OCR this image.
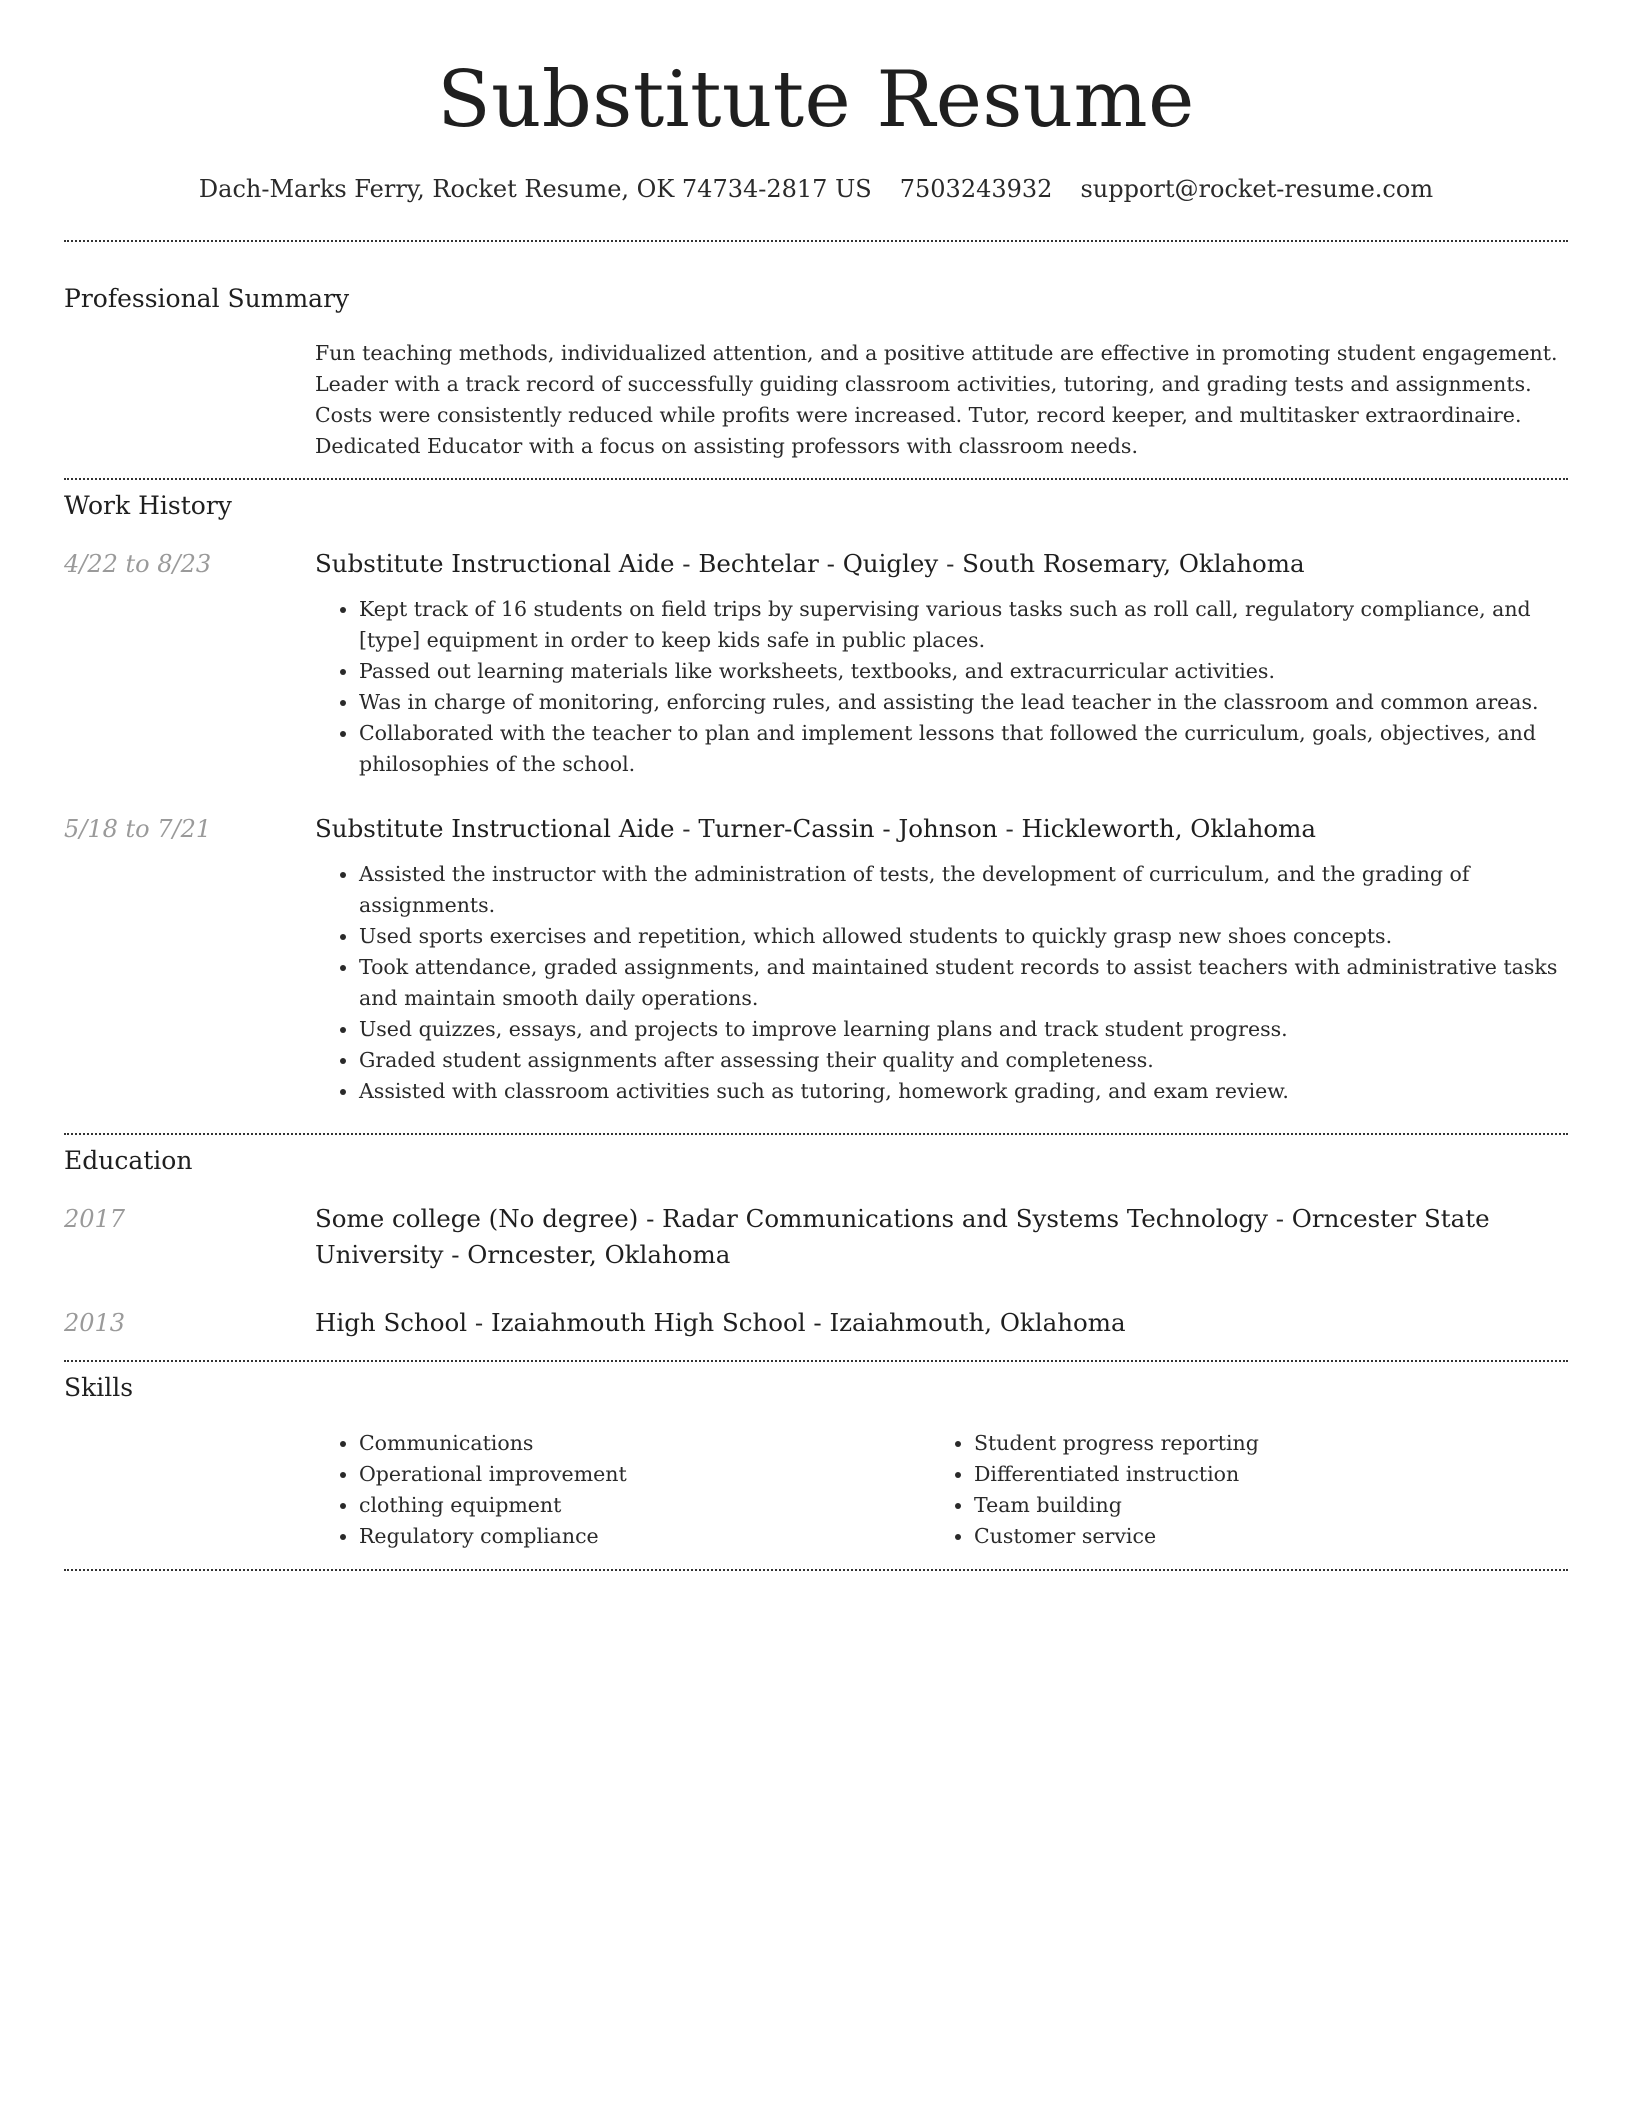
Substitute Resume
Dach-Marks Ferry, Rocket Resume, OK 74734-2817 US 7503243932 support@rocket-resume.com
Professional Summary

Fun teaching methods, individualized attention, and a positive attitude are effective in promoting student engagement. Leader with a track record of successfully guiding classroom activities, tutoring, and grading tests and assignments. Costs were consistently reduced while profits were increased. Tutor, record keeper, and multitasker extraordinaire. Dedicated Educator with a focus on assisting professors with classroom needs.

Work History
4/22 to 8/23	Substitute Instructional Aide - Bechtelar - Quigley - South Rosemary, Oklahoma

• Kept track of 16 students on field trips by supervising various tasks such as roll call, regulatory compliance, and [type] equipment in order to keep kids safe in public places.
• Passed out learning materials like worksheets, textbooks, and extracurricular activities.
• Was in charge of monitoring, enforcing rules, and assisting the lead teacher in the classroom and common areas.
• Collaborated with the teacher to plan and implement lessons that followed the curriculum, goals, objectives, and philosophies of the school.
5/18 to 7/21	Substitute Instructional Aide - Turner-Cassin - Johnson - Hickleworth, Oklahoma

• Assisted the instructor with the administration of tests, the development of curriculum, and the grading of assignments.
• Used sports exercises and repetition, which allowed students to quickly grasp new shoes concepts.
• Took attendance, graded assignments, and maintained student records to assist teachers with administrative tasks and maintain smooth daily operations.
• Used quizzes, essays, and projects to improve learning plans and track student progress.
• Graded student assignments after assessing their quality and completeness.
• Assisted with classroom activities such as tutoring, homework grading, and exam review.
Education
2017	Some college (No degree) - Radar Communications and Systems Technology - Orncester State University - Orncester, Oklahoma

2013	High School - Izaiahmouth High School - Izaiahmouth, Oklahoma

Skills
• Communications
• Operational improvement
• clothing equipment
• Regulatory compliance
• Student progress reporting
• Differentiated instruction
• Team building
• Customer service
